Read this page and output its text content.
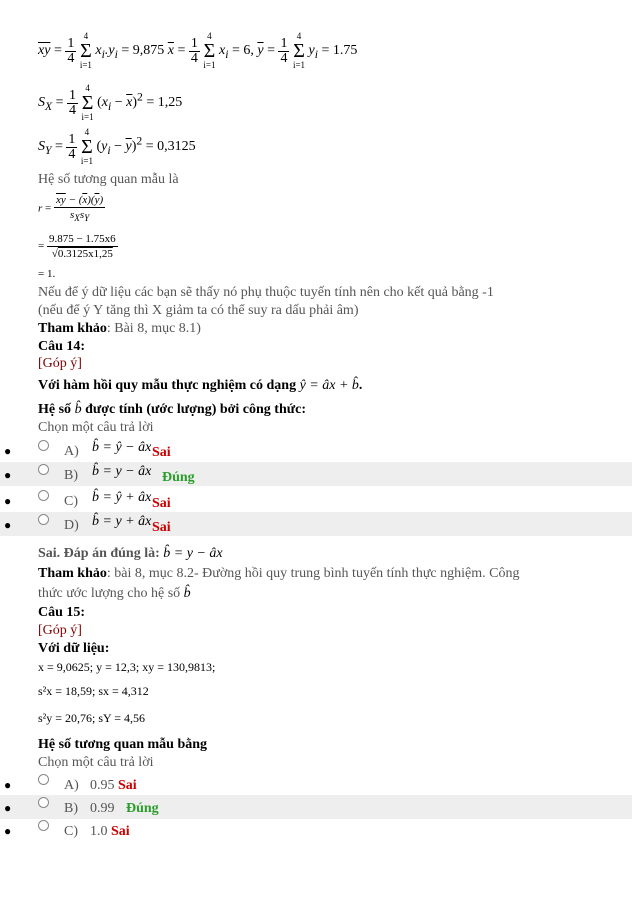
$\overline{xy} = \frac{1}{4}$
4
Σ
i=1 $x_i.y_i = 9,875$ $\overline{x} = \frac{1}{4}$
4
Σ
i=1 $x_i = 6$, $\overline{y} = \frac{1}{4}$
4
Σ
i=1 $y_i = 1.75$
$S_X = \frac{1}{4}$
4
Σ
i=1 $(x_i - \overline{x})^2 = 1,25$
$S_Y = \frac{1}{4}$
4
Σ
i=1 $(y_i - \overline{y})^2 = 0,3125$
Hệ số tương quan mẫu là
$r = \frac{\overline{xy} - (\overline{x})(\overline{y})}{s_Xs_Y}$
= $\frac{9.875 - 1.75x6}{√0.3125x1,25}$
= 1.
Nếu để ý dữ liệu các bạn sẽ thấy nó phụ thuộc tuyến tính nên cho kết quả bằng -1
(nếu để ý Y tăng thì X giảm ta có thể suy ra dấu phải âm)
Tham khảo: Bài 8, mục 8.1)
Câu 14:
[Góp ý]
Với hàm hồi quy mẫu thực nghiệm có dạng ŷ = âx + b̂.
Hệ số b̂ được tính (ước lượng) bởi công thức:
Chọn một câu trả lời
●	A) b̂ = ŷ − âx Sai
●	B) b̂ = y − âx Đúng
●	C) b̂ = ŷ + âx Sai
●	D) b̂ = y + âx Sai
Sai. Đáp án đúng là: b̂ = y − âx
Tham khảo: bài 8, mục 8.2- Đường hồi quy trung bình tuyến tính thực nghiệm. Công
thức ước lượng cho hệ số b̂
Câu 15:
[Góp ý]
Với dữ liệu:
x = 9,0625; y = 12,3; xy = 130,9813;
s²x = 18,59; sx = 4,312
s²y = 20,76; sY = 4,56
Hệ số tương quan mẫu bằng
Chọn một câu trả lời
●	A) 0.95 Sai
●	B) 0.99 Đúng
●	C) 1.0 Sai
